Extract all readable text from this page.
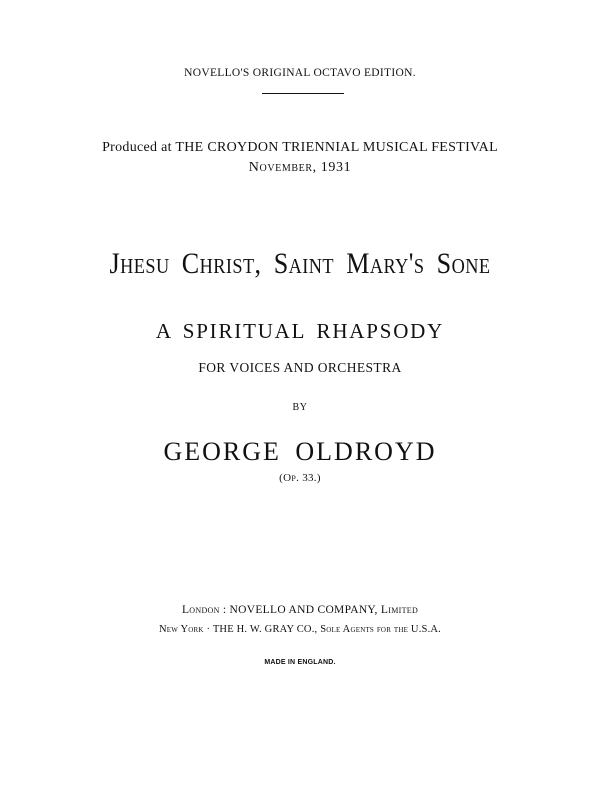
NOVELLO'S ORIGINAL OCTAVO EDITION.

Produced at THE CROYDON TRIENNIAL MUSICAL FESTIVAL

November, 1931

Jhesu Christ, Saint Mary's Sone

A SPIRITUAL RHAPSODY

FOR VOICES AND ORCHESTRA

BY

GEORGE OLDROYD

(Op. 33.)

London : NOVELLO AND COMPANY, Limited

New York · THE H. W. GRAY CO., Sole Agents for the U.S.A.

MADE IN ENGLAND.
